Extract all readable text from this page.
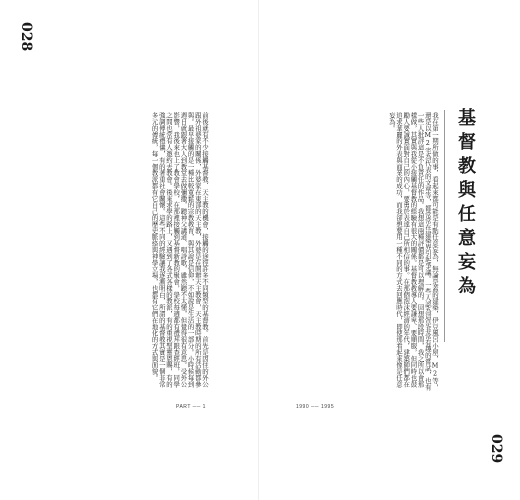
028
基督教與任意妄為
我在第一期所做的事，看起來都可能是有點任意妄為，無論是蓋的建築，伊豆風呂小屋，M2等，還是以M2宅為代表的文章等，都常常在建築界引起爭議。一些人認為這是非常有趣的嘗試，也有一些人批評這是不負責任的作品。我想這兩種評價都是可以理解的。回想那段時間，我之所以會那樣做，其實與我從小接觸基督教的經驗有很大的關係。基督教教導人要謙卑、要順服，但同時也鼓勵人要誠實面對自己的內心，要勇於表達自己所相信的事。在那個泡沫經濟的年代，建築師們都在追求華麗的外表與商業的成功，而我卻想要用一種不同的方式去回應時代，即使那看起來像是任意妄為。
1990 ── 1995
前後就有不少接觸基督教、天主教的機會，接觸的途徑許多不同類型的基督教。首先是因住的外公跟外祖婆家的關係，外婆家在東部的天主教，外婆是在開辦天主教會，天主教時期的所有活動都參與。最早接觸的是一種比較寬鬆的宗教教育，與其說是信仰，不如說是生活的一部分。小時候每到週日就跟著大人到教堂去做彌撒，聽神父講道、唱詩歌，雖然聽不太懂，但覺得很有意思。受外公影響，我後來也上了教會學校，在那裡接觸到基督新教的聚會，學校每週都有禮拜跟查經班，同學之間也常有人邀約去教會。後來求學的路上，又遇到了各式各樣的教派，有的重視聖靈恩賜，有的強調傳統禮儀，有的著重社會關懷。這些不同的經驗讓我逐漸明白，所謂的基督教其實是一個非常多元的傳統，每一個教派都有它自己的歷史脈絡與神學立場，也都有它們在地化的方式與面貌。
PART ── 1
029
